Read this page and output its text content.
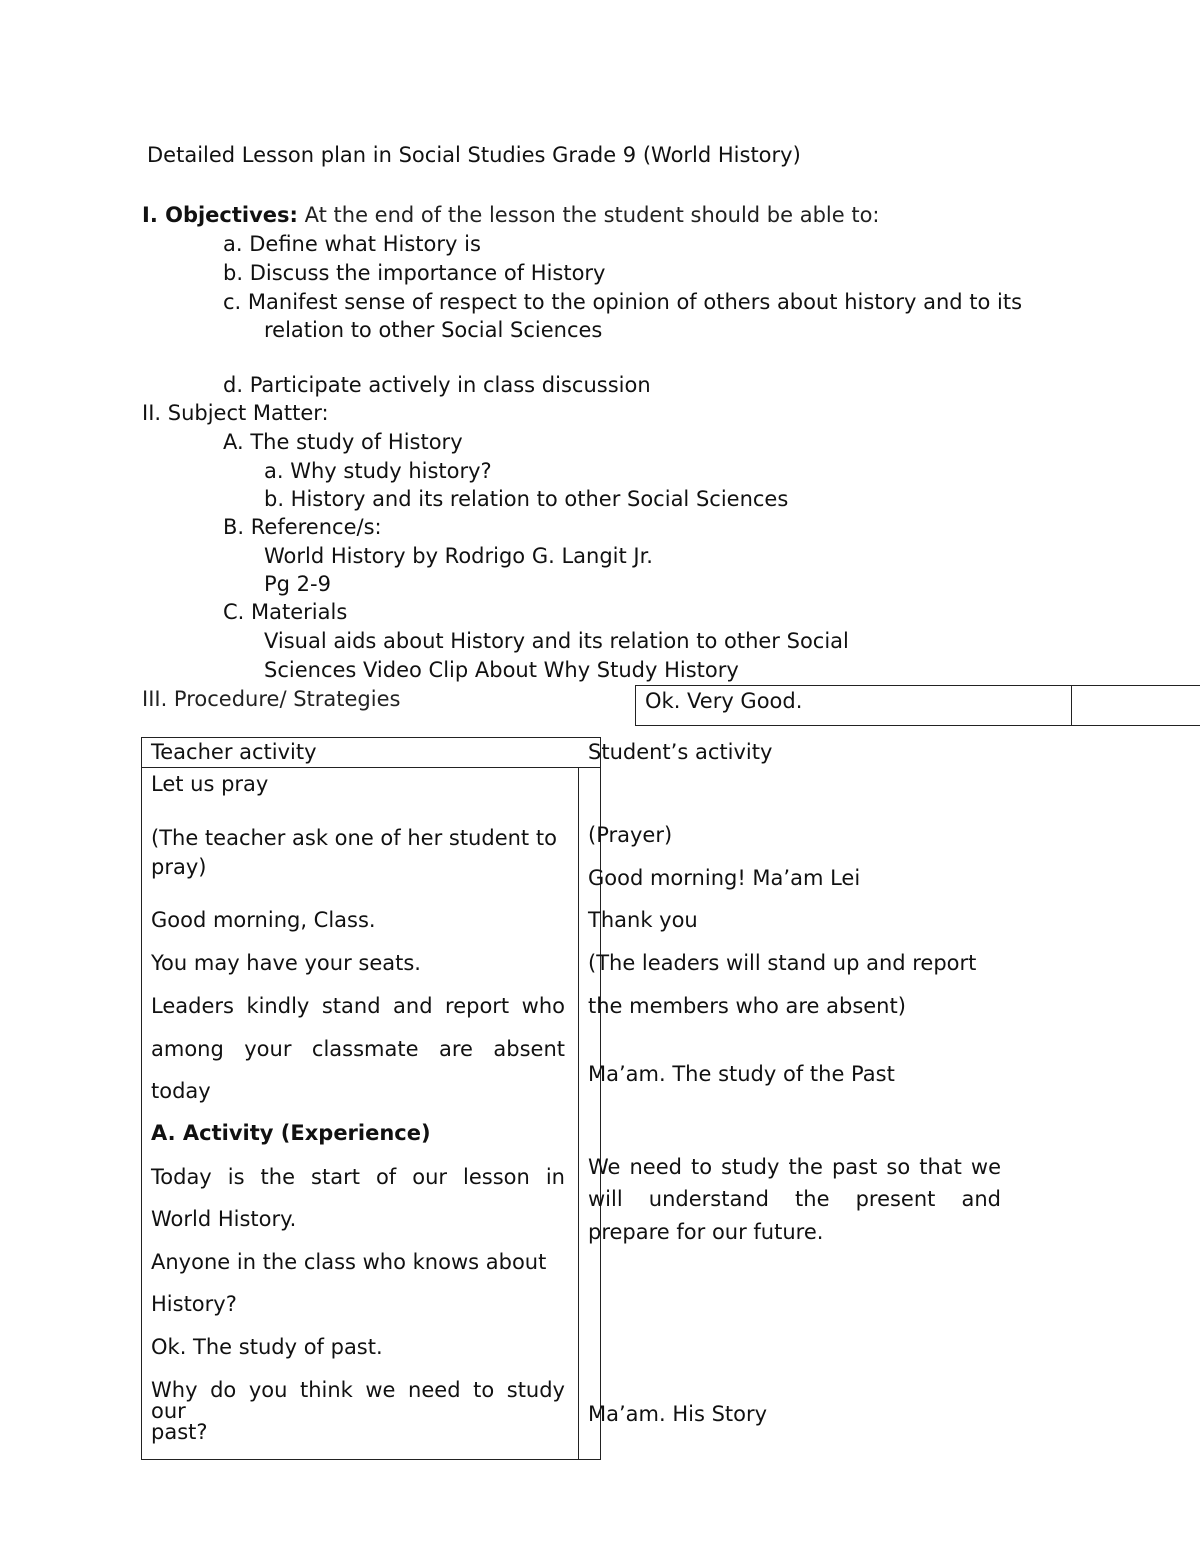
Detailed Lesson plan in Social Studies Grade 9 (World History)

I. Objectives: At the end of the lesson the student should be able to:

a. Define what History is

b. Discuss the importance of History

c. Manifest sense of respect to the opinion of others about history and to its

relation to other Social Sciences

d. Participate actively in class discussion

II. Subject Matter:

A. The study of History

a. Why study history?

b. History and its relation to other Social Sciences

B. Reference/s:

World History by Rodrigo G. Langit Jr.

Pg 2-9

C. Materials

Visual aids about History and its relation to other Social

Sciences Video Clip About Why Study History

III. Procedure/ Strategies	Ok. Very Good.

Teacher activity	Student’s activity

Let us pray

(The teacher ask one of her student to

pray)

Good morning, Class.

You may have your seats.

Leaders kindly stand and report who

among your classmate are absent

today

A. Activity (Experience)

Today is the start of our lesson in

World History.

Anyone in the class who knows about

History?

Ok. The study of past.

Why do you think we need to study our

past?

(Prayer)

Good morning! Ma’am Lei

Thank you

(The leaders will stand up and report

the members who are absent)

Ma’am. The study of the Past

We need to study the past so that we

will understand the present and

prepare for our future.

Ma’am. His Story
